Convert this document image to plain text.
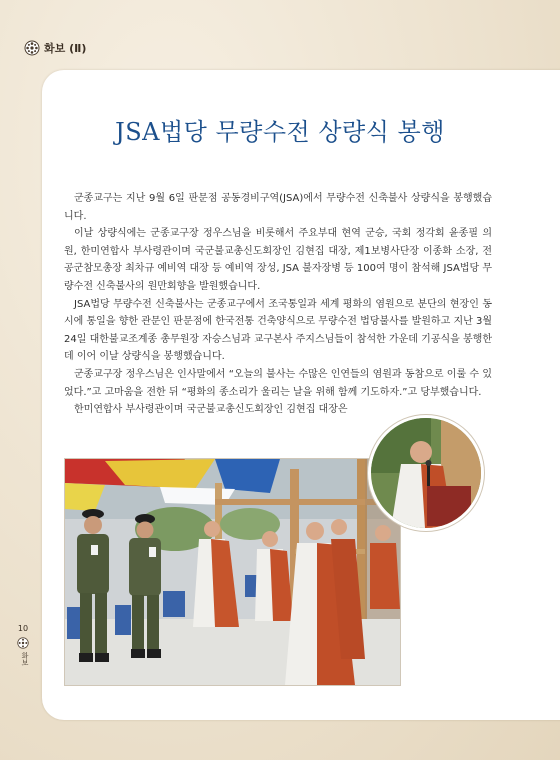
화보 (Ⅱ)
JSA법당 무량수전 상량식 봉행

군종교구는 지난 9월 6일 판문점 공동경비구역(JSA)에서 무량수전 신축불사 상량식을 봉행했습니다.

이날 상량식에는 군종교구장 정우스님을 비롯해서 주요부대 현역 군승, 국회 정각회 윤종필 의원, 한미연합사 부사령관이며 국군불교총신도회장인 김현집 대장, 제1보병사단장 이종화 소장, 전 공군참모총장 최차규 예비역 대장 등 예비역 장성, JSA 불자장병 등 100여 명이 참석해 JSA법당 무량수전 신축불사의 원만회향을 발원했습니다.

JSA법당 무량수전 신축불사는 군종교구에서 조국통일과 세계 평화의 염원으로 분단의 현장인 동시에 통일을 향한 관문인 판문점에 한국전통 건축양식으로 무량수전 법당불사를 발원하고 지난 3월 24일 대한불교조계종 총무원장 자승스님과 교구본사 주지스님들이 참석한 가운데 기공식을 봉행한데 이어 이날 상량식을 봉행했습니다.

군종교구장 정우스님은 인사말에서 “오늘의 불사는 수많은 인연들의 염원과 동참으로 이룰 수 있었다.”고 고마움을 전한 뒤 “평화의 종소리가 울리는 날을 위해 함께 기도하자.”고 당부했습니다.

한미연합사 부사령관이며 국군불교총신도회장인 김현집 대장은

10
화보
